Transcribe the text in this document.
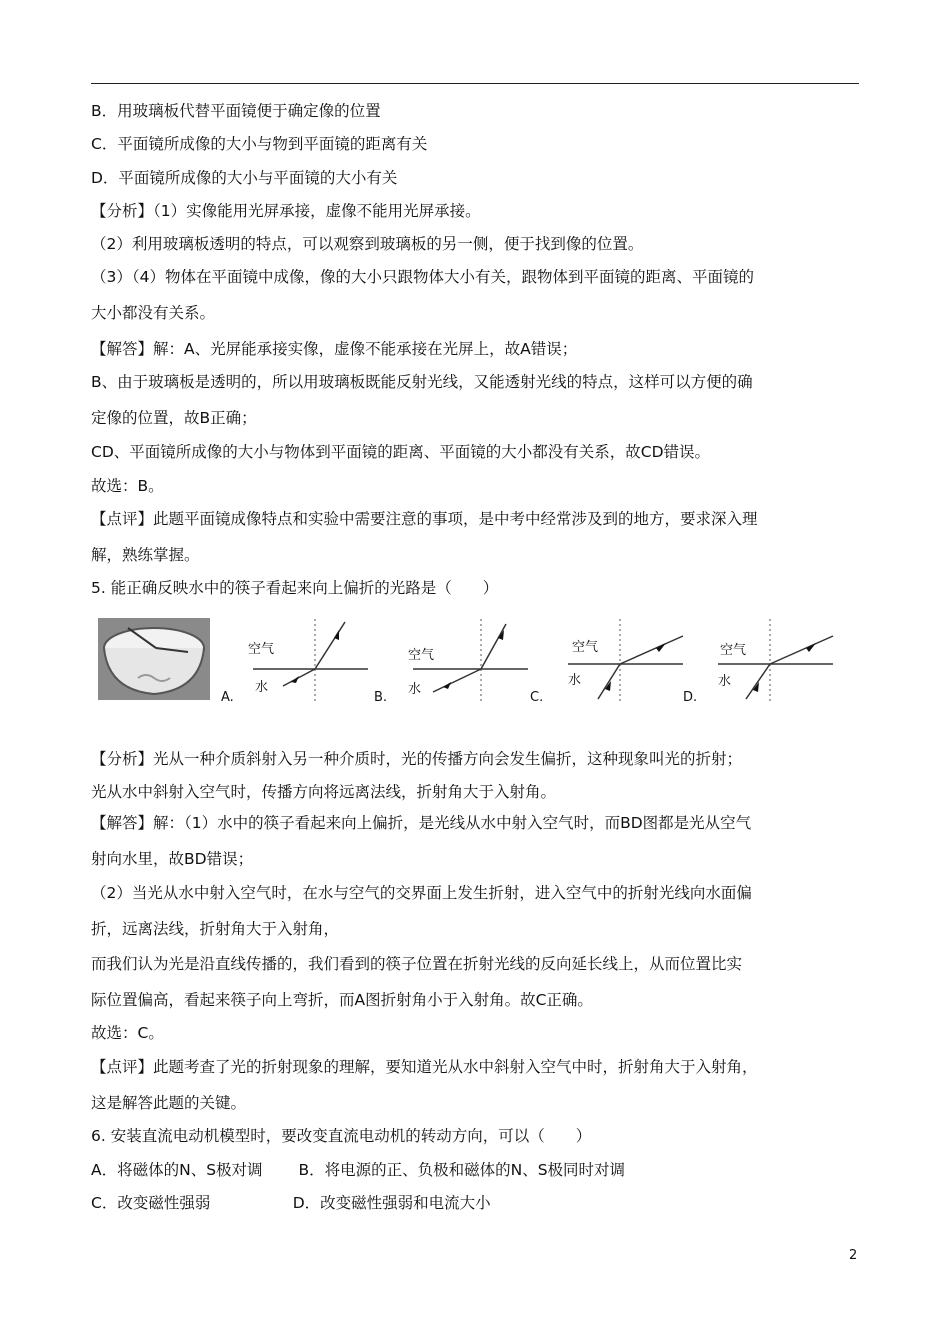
B．用玻璃板代替平面镜便于确定像的位置
C．平面镜所成像的大小与物到平面镜的距离有关
D．平面镜所成像的大小与平面镜的大小有关
【分析】（1）实像能用光屏承接，虚像不能用光屏承接。
（2）利用玻璃板透明的特点，可以观察到玻璃板的另一侧，便于找到像的位置。
（3）（4）物体在平面镜中成像，像的大小只跟物体大小有关，跟物体到平面镜的距离、平面镜的
大小都没有关系。
【解答】解：A、光屏能承接实像，虚像不能承接在光屏上，故A错误；
B、由于玻璃板是透明的，所以用玻璃板既能反射光线，又能透射光线的特点，这样可以方便的确
定像的位置，故B正确；
CD、平面镜所成像的大小与物体到平面镜的距离、平面镜的大小都没有关系，故CD错误。
故选：B。
【点评】此题平面镜成像特点和实验中需要注意的事项，是中考中经常涉及到的地方，要求深入理
解，熟练掌握。
5. 能正确反映水中的筷子看起来向上偏折的光路是（　　）
【分析】光从一种介质斜射入另一种介质时，光的传播方向会发生偏折，这种现象叫光的折射；
光从水中斜射入空气时，传播方向将远离法线，折射角大于入射角。
【解答】解：（1）水中的筷子看起来向上偏折，是光线从水中射入空气时，而BD图都是光从空气
射向水里，故BD错误；
（2）当光从水中射入空气时，在水与空气的交界面上发生折射，进入空气中的折射光线向水面偏
折，远离法线，折射角大于入射角，
而我们认为光是沿直线传播的，我们看到的筷子位置在折射光线的反向延长线上，从而位置比实
际位置偏高，看起来筷子向上弯折，而A图折射角小于入射角。故C正确。
故选：C。
【点评】此题考查了光的折射现象的理解，要知道光从水中斜射入空气中时，折射角大于入射角，
这是解答此题的关键。
6. 安装直流电动机模型时，要改变直流电动机的转动方向，可以（　　）
A．将磁体的N、S极对调　　 B．将电源的正、负极和磁体的N、S极同时对调
C．改变磁性强弱　　　　　 D．改变磁性强弱和电流大小
空气
水
空气
水
空气
水
空气
水
A.	B.	C.	D.
2
